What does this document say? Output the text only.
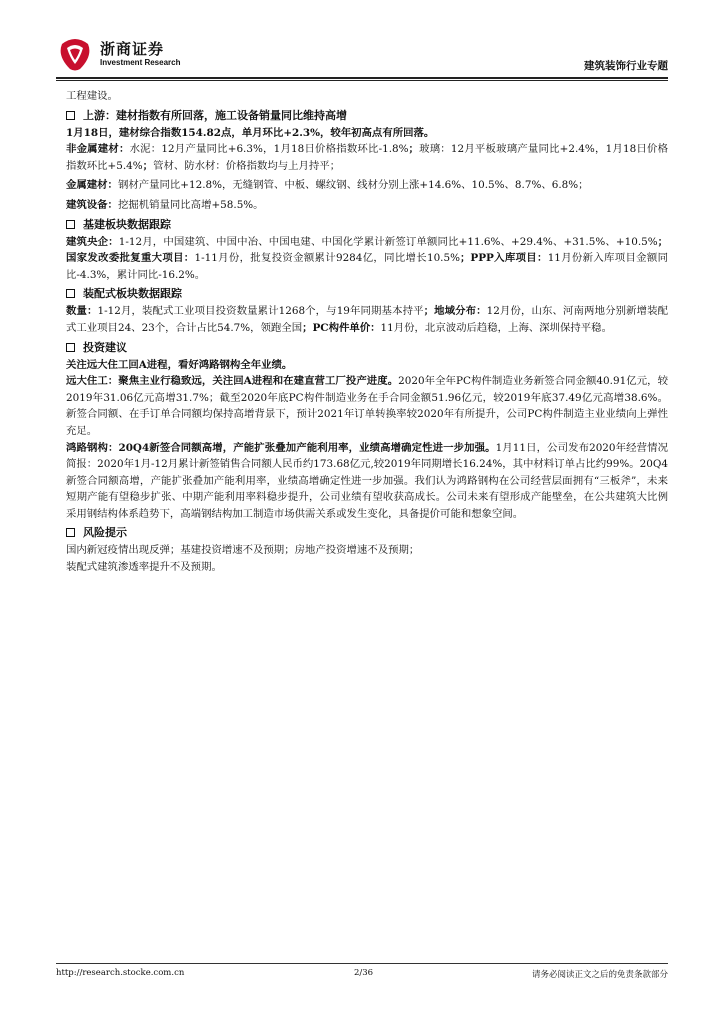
浙商证券
Investment Research	建筑装饰行业专题

工程建设。

上游：建材指数有所回落，施工设备销量同比维持高增

1月18日，建材综合指数154.82点，单月环比+2.3%，较年初高点有所回落。

非金属建材：水泥：12月产量同比+6.3%，1月18日价格指数环比-1.8%；玻璃：12月平板玻璃产量同比+2.4%，1月18日价格指数环比+5.4%；管材、防水材：价格指数均与上月持平；

金属建材：钢材产量同比+12.8%，无缝钢管、中板、螺纹钢、线材分别上涨+14.6%、10.5%、8.7%、6.8%；

建筑设备：挖掘机销量同比高增+58.5%。

基建板块数据跟踪

建筑央企：1-12月，中国建筑、中国中冶、中国电建、中国化学累计新签订单额同比+11.6%、+29.4%、+31.5%、+10.5%；国家发改委批复重大项目：1-11月份，批复投资金额累计9284亿，同比增长10.5%；PPP入库项目：11月份新入库项目金额同比-4.3%，累计同比-16.2%。

装配式板块数据跟踪

数量：1-12月，装配式工业项目投资数量累计1268个，与19年同期基本持平；地域分布：12月份，山东、河南两地分别新增装配式工业项目24、23个，合计占比54.7%，领跑全国；PC构件单价：11月份，北京波动后趋稳，上海、深圳保持平稳。

投资建议

关注远大住工回A进程，看好鸿路钢构全年业绩。

远大住工：聚焦主业行稳致远，关注回A进程和在建直营工厂投产进度。2020年全年PC构件制造业务新签合同金额40.91亿元，较2019年31.06亿元高增31.7%；截至2020年底PC构件制造业务在手合同金额51.96亿元，较2019年底37.49亿元高增38.6%。新签合同额、在手订单合同额均保持高增背景下，预计2021年订单转换率较2020年有所提升，公司PC构件制造主业业绩向上弹性充足。

鸿路钢构：20Q4新签合同额高增，产能扩张叠加产能利用率，业绩高增确定性进一步加强。1月11日，公司发布2020年经营情况简报：2020年1月-12月累计新签销售合同额人民币约173.68亿元,较2019年同期增长16.24%，其中材料订单占比约99%。20Q4新签合同额高增，产能扩张叠加产能利用率，业绩高增确定性进一步加强。我们认为鸿路钢构在公司经营层面拥有“三板斧”，未来短期产能有望稳步扩张、中期产能利用率料稳步提升，公司业绩有望收获高成长。公司未来有望形成产能壁垒，在公共建筑大比例采用钢结构体系趋势下，高端钢结构加工制造市场供需关系或发生变化，具备提价可能和想象空间。

风险提示

国内新冠疫情出现反弹；基建投资增速不及预期；房地产投资增速不及预期；

装配式建筑渗透率提升不及预期。

http://research.stocke.com.cn	2/36	请务必阅读正文之后的免责条款部分
